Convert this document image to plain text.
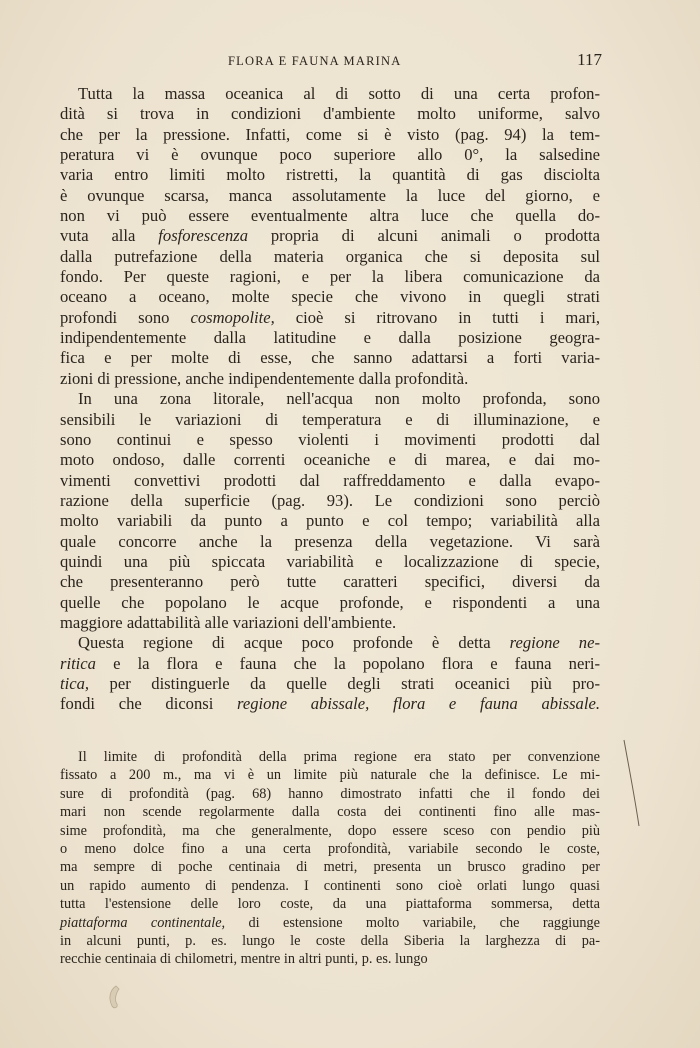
FLORA E FAUNA MARINA	117
Tutta la massa oceanica al di sotto di una certa profon-
dità si trova in condizioni d'ambiente molto uniforme, salvo
che per la pressione. Infatti, come si è visto (pag. 94) la tem-
peratura vi è ovunque poco superiore allo 0°, la salsedine
varia entro limiti molto ristretti, la quantità di gas disciolta
è ovunque scarsa, manca assolutamente la luce del giorno, e
non vi può essere eventualmente altra luce che quella do-
vuta alla fosforescenza propria di alcuni animali o prodotta
dalla putrefazione della materia organica che si deposita sul
fondo. Per queste ragioni, e per la libera comunicazione da
oceano a oceano, molte specie che vivono in quegli strati
profondi sono cosmopolite, cioè si ritrovano in tutti i mari,
indipendentemente dalla latitudine e dalla posizione geogra-
fica e per molte di esse, che sanno adattarsi a forti varia-
zioni di pressione, anche indipendentemente dalla profondità.
In una zona litorale, nell'acqua non molto profonda, sono
sensibili le variazioni di temperatura e di illuminazione, e
sono continui e spesso violenti i movimenti prodotti dal
moto ondoso, dalle correnti oceaniche e di marea, e dai mo-
vimenti convettivi prodotti dal raffreddamento e dalla evapo-
razione della superficie (pag. 93). Le condizioni sono perciò
molto variabili da punto a punto e col tempo; variabilità alla
quale concorre anche la presenza della vegetazione. Vi sarà
quindi una più spiccata variabilità e localizzazione di specie,
che presenteranno però tutte caratteri specifici, diversi da
quelle che popolano le acque profonde, e rispondenti a una
maggiore adattabilità alle variazioni dell'ambiente.
Questa regione di acque poco profonde è detta regione ne-
ritica e la flora e fauna che la popolano flora e fauna neri-
tica, per distinguerle da quelle degli strati oceanici più pro-
fondi che diconsi regione abissale, flora e fauna abissale.
Il limite di profondità della prima regione era stato per convenzione
fissato a 200 m., ma vi è un limite più naturale che la definisce. Le mi-
sure di profondità (pag. 68) hanno dimostrato infatti che il fondo dei
mari non scende regolarmente dalla costa dei continenti fino alle mas-
sime profondità, ma che generalmente, dopo essere sceso con pendio più
o meno dolce fino a una certa profondità, variabile secondo le coste,
ma sempre di poche centinaia di metri, presenta un brusco gradino per
un rapido aumento di pendenza. I continenti sono cioè orlati lungo quasi
tutta l'estensione delle loro coste, da una piattaforma sommersa, detta
piattaforma continentale, di estensione molto variabile, che raggiunge
in alcuni punti, p. es. lungo le coste della Siberia la larghezza di pa-
recchie centinaia di chilometri, mentre in altri punti, p. es. lungo
